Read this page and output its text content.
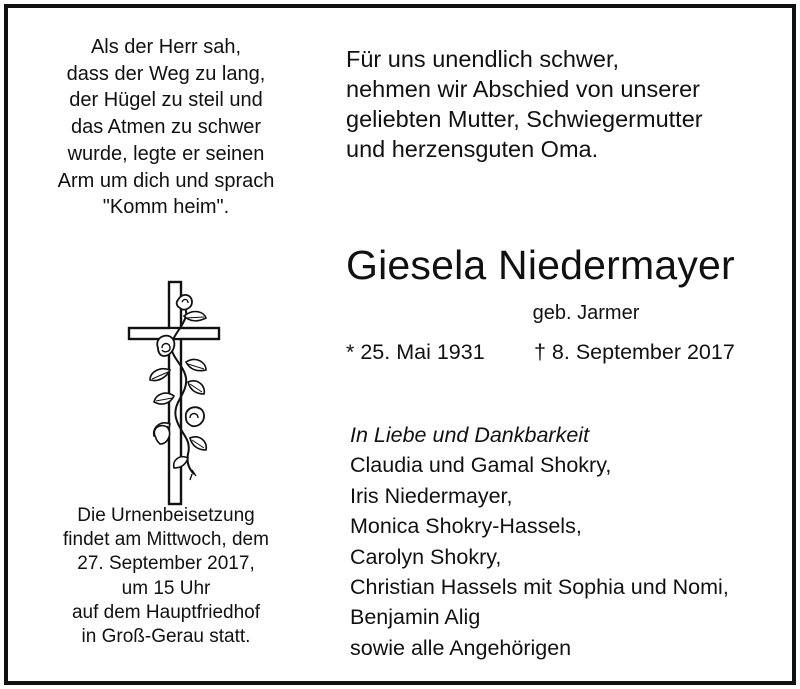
Als der Herr sah,
dass der Weg zu lang,
der Hügel zu steil und
das Atmen zu schwer
wurde, legte er seinen
Arm um dich und sprach
"Komm heim".
Die Urnenbeisetzung
findet am Mittwoch, dem
27. September 2017,
um 15 Uhr
auf dem Hauptfriedhof
in Groß-Gerau statt.
Für uns unendlich schwer,
nehmen wir Abschied von unserer
geliebten Mutter, Schwiegermutter
und herzensguten Oma.
Giesela Niedermayer
geb. Jarmer
* 25. Mai 1931 † 8. September 2017
In Liebe und Dankbarkeit
Claudia und Gamal Shokry,
Iris Niedermayer,
Monica Shokry-Hassels,
Carolyn Shokry,
Christian Hassels mit Sophia und Nomi,
Benjamin Alig
sowie alle Angehörigen
